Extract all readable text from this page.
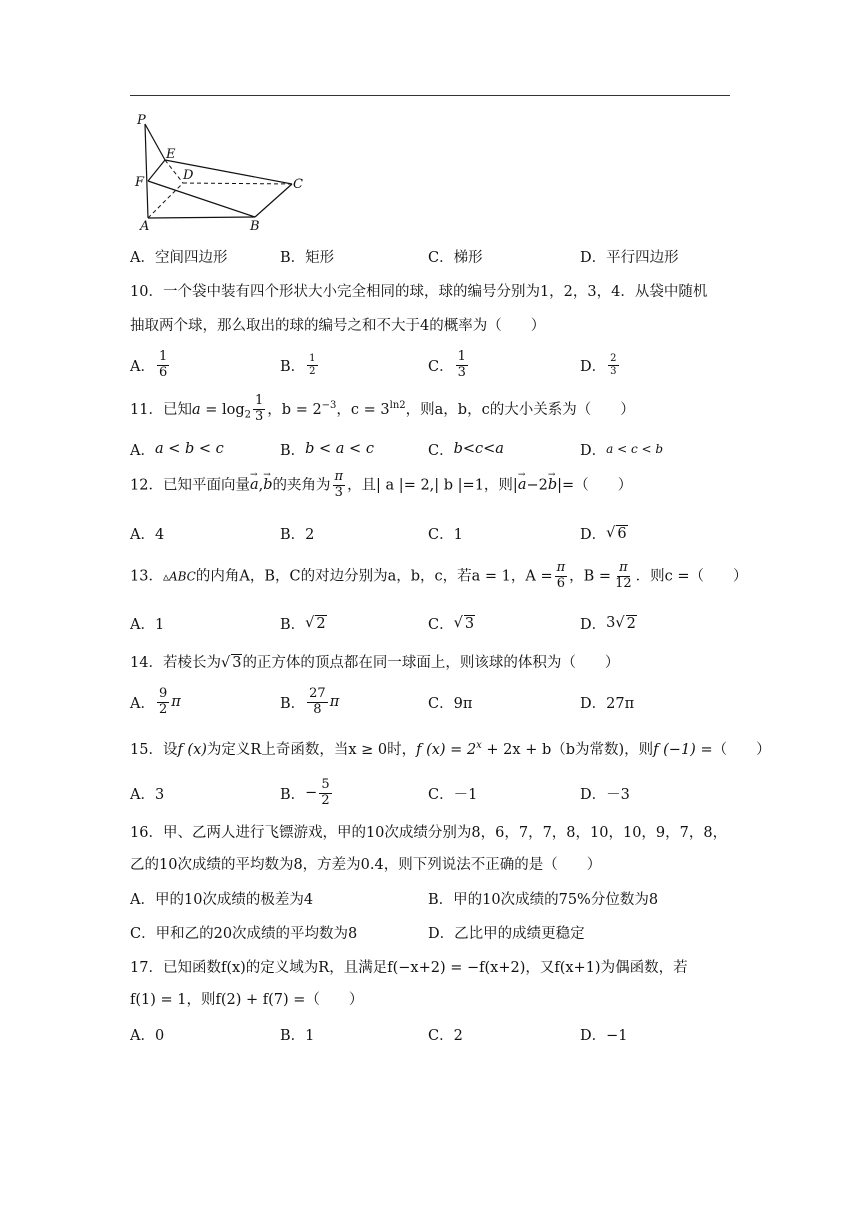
P
E
F	D
C
A	B
A．空间四边形	B．矩形	C．梯形	D．平行四边形
10．一个袋中装有四个形状大小完全相同的球，球的编号分别为1，2，3，4．从袋中随机
抽取两个球，那么取出的球的编号之和不大于4的概率为（　　）
A． $\frac{1}{6}$	B． $\frac{1}{2}$	C． $\frac{1}{3}$	D． $\frac{2}{3}$
11．已知$a = \log_2 \frac{1}{3}$ ，$b = 2^{-3}$，$c = 3^{ln2}$，则a，b，c的大小关系为（　　）
A． a < b < c	B． b < a < c	C． b<c<a	D． a < c < b
12．已知平面向量→ a,→ b的夹角为 $\frac{\pi}{3}$ ，且| a |= 2,| b |=1，则|→ a−2→ b|=（　　）
A．4	B．2	C．1	D． √ 6
13．▵ABC的内角A，B，C的对边分别为a，b，c，若a = 1，$A = \frac{\pi}{6}$ ，$B = \frac{\pi}{12}$ ．则c =（　　）
A．1	B． √ 2	C． √ 3	D． 3 √ 2
14．若棱长为√ 3的正方体的顶点都在同一球面上，则该球的体积为（　　）
A． $\frac{9}{2}$ π	B． $\frac{27}{8}$ π	C．9π	D．27π
15．设f (x)为定义R上奇函数，当x ≥ 0时，f $(x) = 2^x + 2x + b(b$为常数)，则f (−1) =（　　）
A．3	B． − $\frac{5}{2}$	C．－1	D．－3
16．甲、乙两人进行飞镖游戏，甲的10次成绩分别为8，6，7，7，8，10，10，9，7，8，
乙的10次成绩的平均数为8，方差为0.4，则下列说法不正确的是（　　）
A．甲的10次成绩的极差为4	B．甲的10次成绩的75%分位数为8
C．甲和乙的20次成绩的平均数为8	D．乙比甲的成绩更稳定
17．已知函数f(x)的定义域为R，且满足f(−x+2) = −f(x+2)，又f(x+1)为偶函数，若
f(1) = 1，则f(2) + f(7) =（　　）
A．0	B．1	C．2	D．−1
